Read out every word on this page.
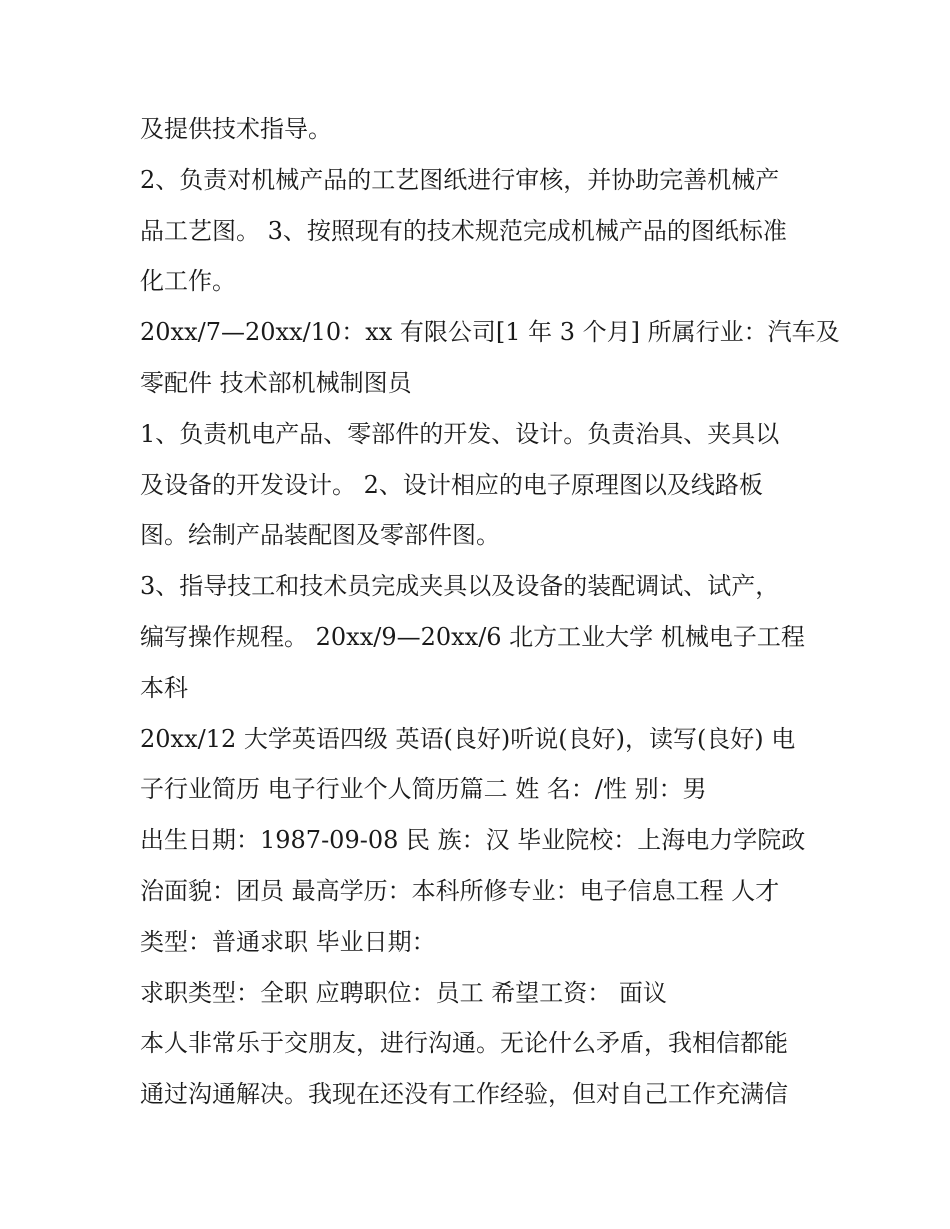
及提供技术指导。
2、负责对机械产品的工艺图纸进行审核，并协助完善机械产
品工艺图。 3、按照现有的技术规范完成机械产品的图纸标准
化工作。
20xx/7—20xx/10：xx 有限公司[1 年 3 个月] 所属行业：汽车及
零配件 技术部机械制图员
1、负责机电产品、零部件的开发、设计。负责治具、夹具以
及设备的开发设计。 2、设计相应的电子原理图以及线路板
图。绘制产品装配图及零部件图。
3、指导技工和技术员完成夹具以及设备的装配调试、试产，
编写操作规程。 20xx/9—20xx/6 北方工业大学 机械电子工程
本科
20xx/12 大学英语四级 英语(良好)听说(良好)，读写(良好) 电
子行业简历 电子行业个人简历篇二 姓 名：/性 别：男
出生日期：1987-09-08 民 族：汉 毕业院校：上海电力学院政
治面貌：团员 最高学历：本科所修专业：电子信息工程 人才
类型：普通求职 毕业日期：
求职类型：全职 应聘职位：员工 希望工资： 面议
本人非常乐于交朋友，进行沟通。无论什么矛盾，我相信都能
通过沟通解决。我现在还没有工作经验，但对自己工作充满信
